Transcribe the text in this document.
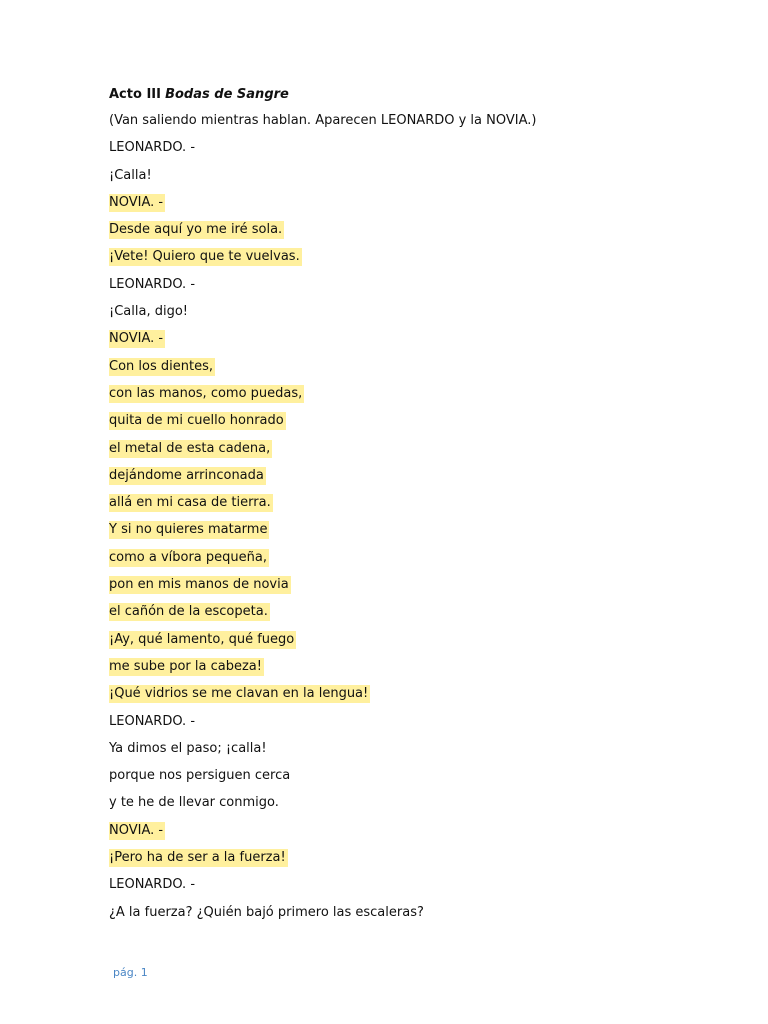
Acto III Bodas de Sangre
(Van saliendo mientras hablan. Aparecen LEONARDO y la NOVIA.)
LEONARDO. -
¡Calla!
NOVIA. -
Desde aquí yo me iré sola.
¡Vete! Quiero que te vuelvas.
LEONARDO. -
¡Calla, digo!
NOVIA. -
Con los dientes,
con las manos, como puedas,
quita de mi cuello honrado
el metal de esta cadena,
dejándome arrinconada
allá en mi casa de tierra.
Y si no quieres matarme
como a víbora pequeña,
pon en mis manos de novia
el cañón de la escopeta.
¡Ay, qué lamento, qué fuego
me sube por la cabeza!
¡Qué vidrios se me clavan en la lengua!
LEONARDO. -
Ya dimos el paso; ¡calla!
porque nos persiguen cerca
y te he de llevar conmigo.
NOVIA. -
¡Pero ha de ser a la fuerza!
LEONARDO. -
¿A la fuerza? ¿Quién bajó primero las escaleras?
pág. 1
